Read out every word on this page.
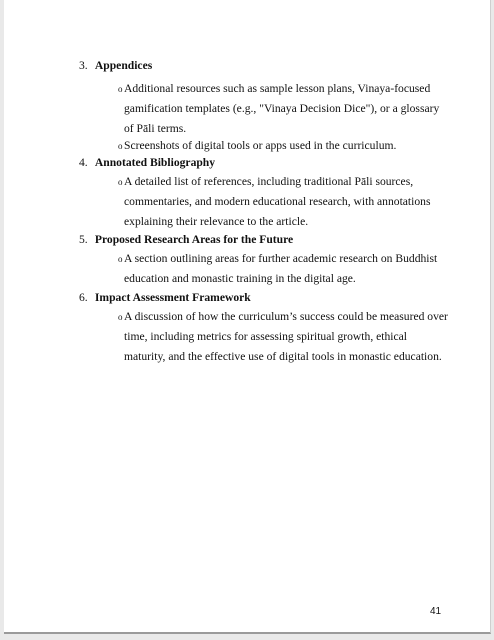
3. Appendices
o Additional resources such as sample lesson plans, Vinaya-focused
gamification templates (e.g., "Vinaya Decision Dice"), or a glossary
of Pāli terms.
o Screenshots of digital tools or apps used in the curriculum.
4. Annotated Bibliography
o A detailed list of references, including traditional Pāli sources,
commentaries, and modern educational research, with annotations
explaining their relevance to the article.
5. Proposed Research Areas for the Future
o A section outlining areas for further academic research on Buddhist
education and monastic training in the digital age.
6. Impact Assessment Framework
o A discussion of how the curriculum’s success could be measured over
time, including metrics for assessing spiritual growth, ethical
maturity, and the effective use of digital tools in monastic education.
41
